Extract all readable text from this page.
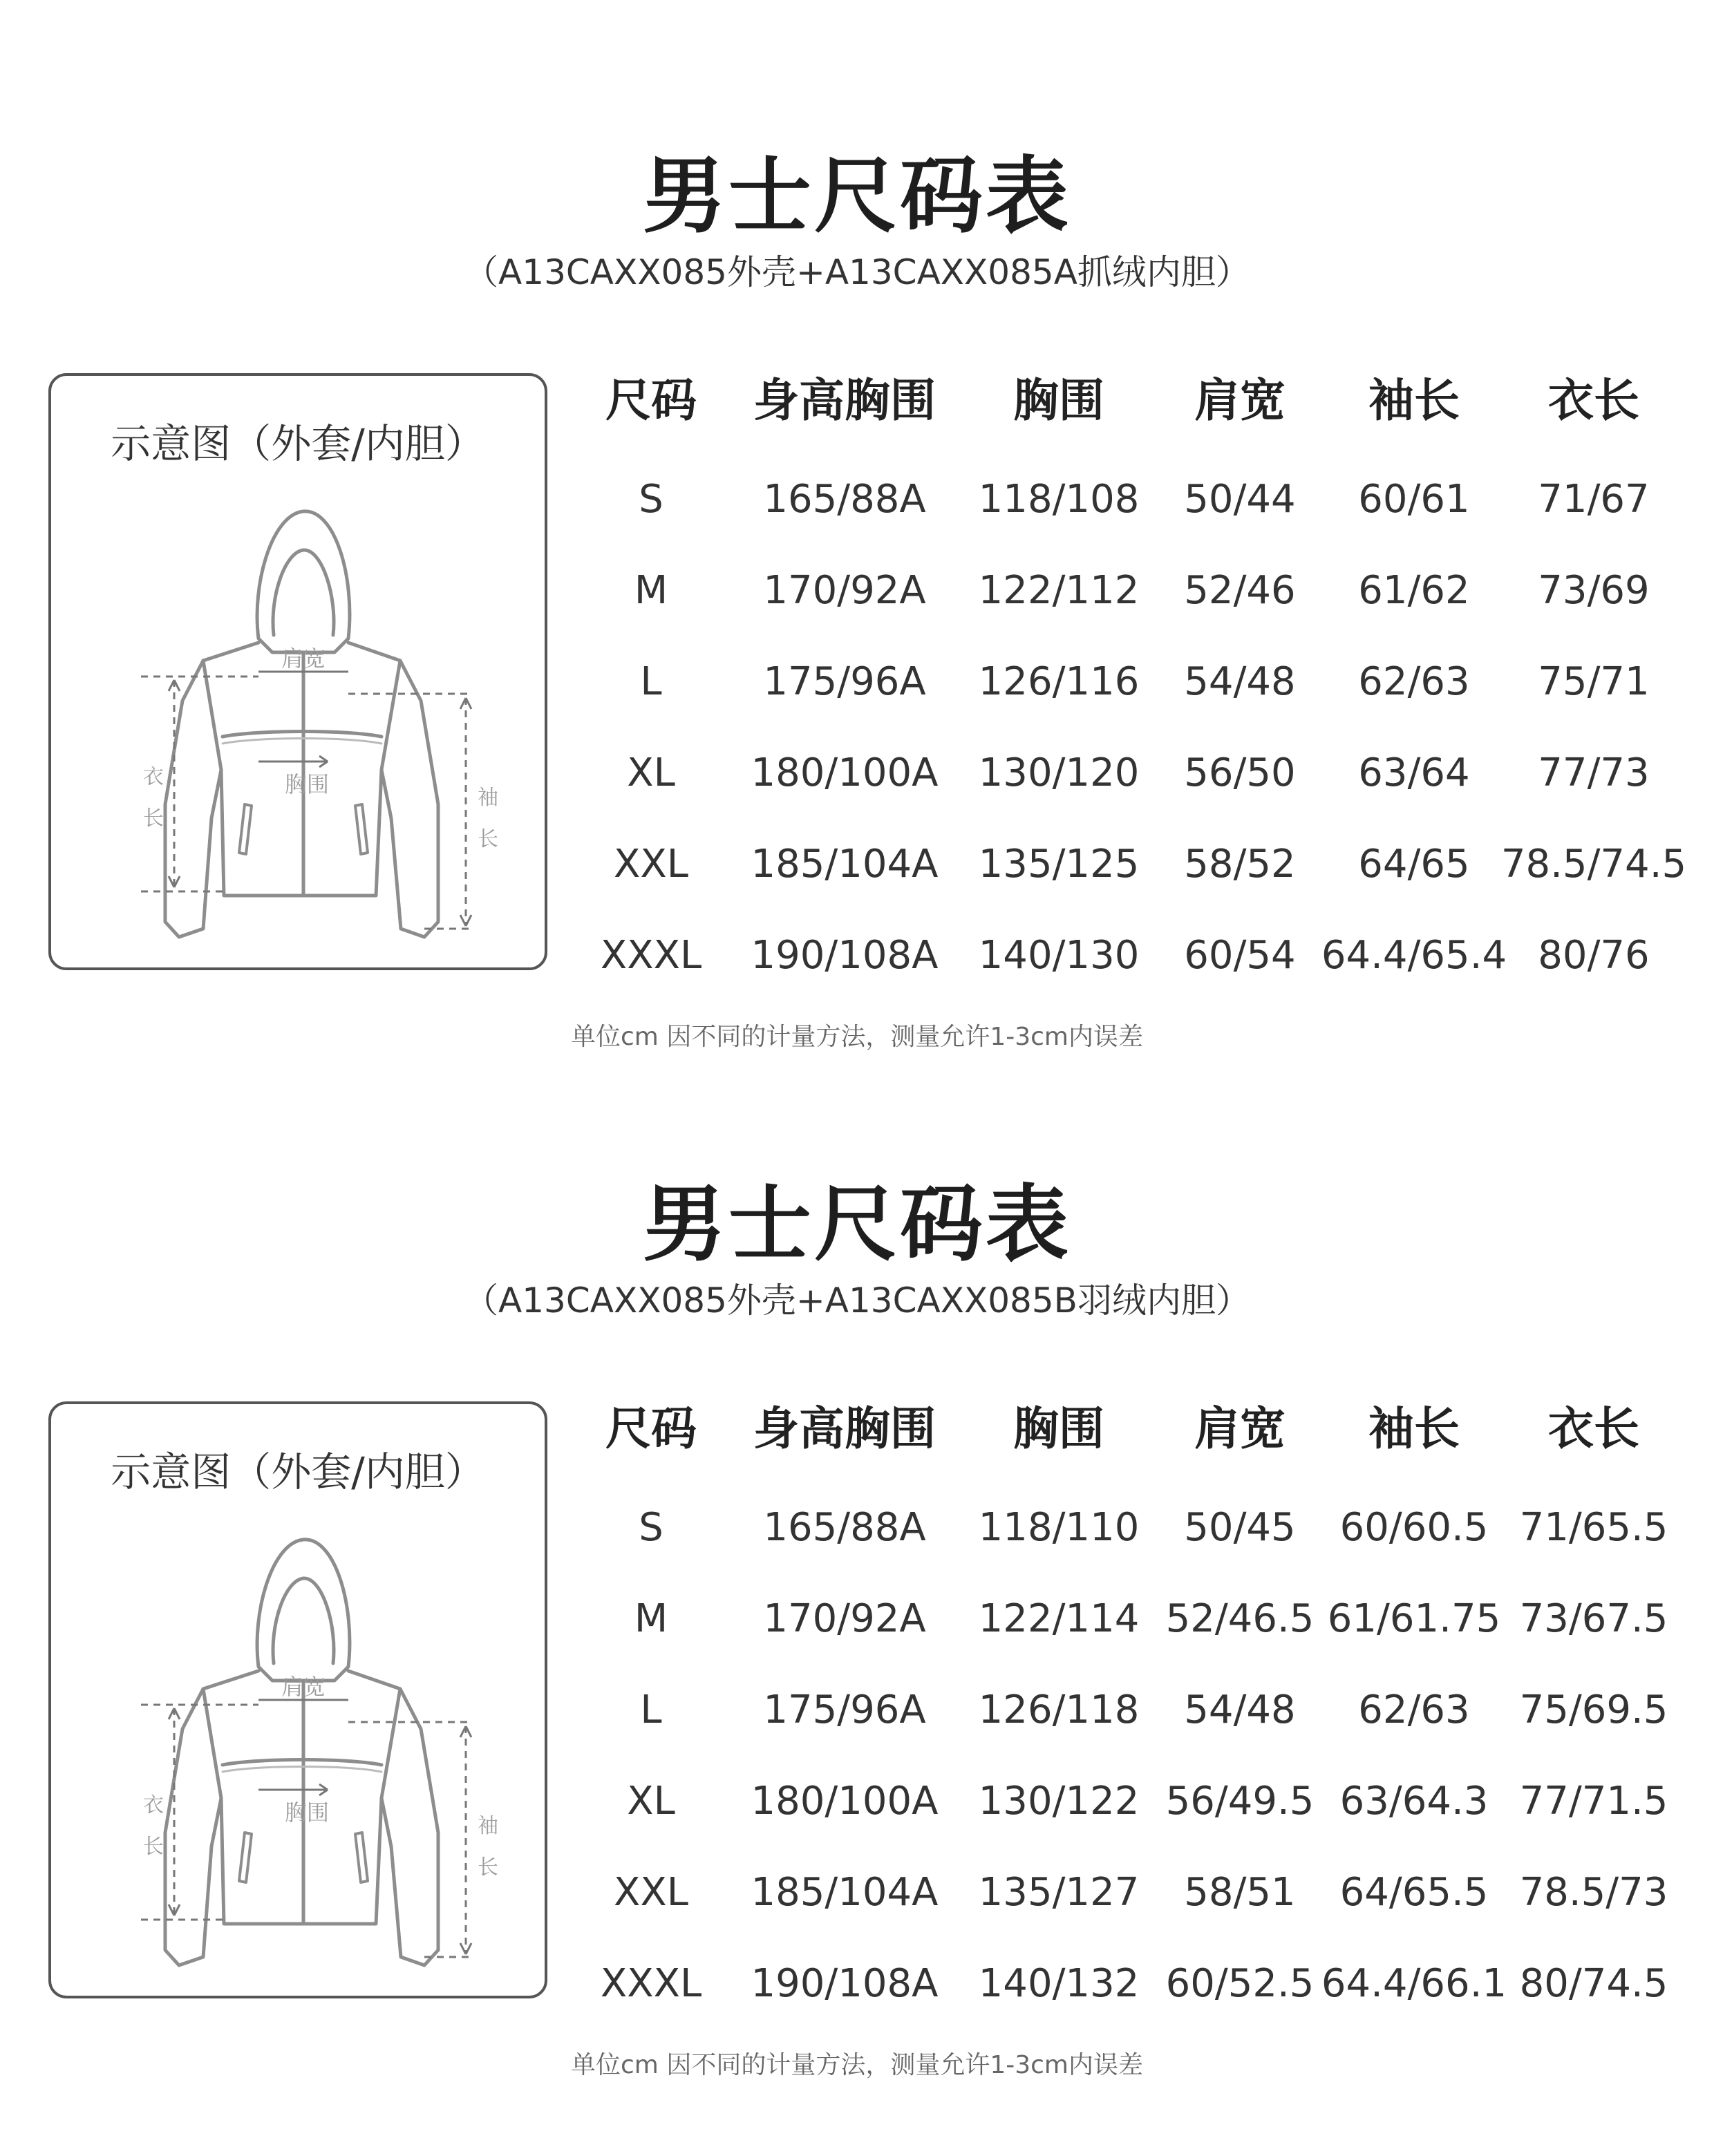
男士尺码表
（A13CAXX085外壳+A13CAXX085A抓绒内胆）
示意图（外套/内胆）
肩宽
胸围
衣
长
袖
长
尺码 身高胸围 胸围 肩宽 袖长 衣长
S	165/88A 118/108 50/44 60/61 71/67
M 170/92A 122/112 52/46 61/62 73/69
L	175/96A 126/116 54/48 62/63 75/71
XL 180/100A 130/120 56/50 63/64 77/73
XXL 185/104A 135/125 58/52 64/65 78.5/74.5
XXXL 190/108A 140/130 60/54 64.4/65.4 80/76
单位cm 因不同的计量方法，测量允许1-3cm内误差
男士尺码表
（A13CAXX085外壳+A13CAXX085B羽绒内胆）
示意图（外套/内胆）
肩宽
胸围
衣
长
袖
长
尺码 身高胸围 胸围 肩宽 袖长 衣长
S	165/88A 118/110 50/45 60/60.5 71/65.5
M 170/92A 122/114 52/46.5 61/61.75 73/67.5
L	175/96A 126/118 54/48 62/63 75/69.5
XL 180/100A 130/122 56/49.5 63/64.3 77/71.5
XXL 185/104A 135/127 58/51 64/65.5 78.5/73
XXXL 190/108A 140/132 60/52.5 64.4/66.1 80/74.5
单位cm 因不同的计量方法，测量允许1-3cm内误差
